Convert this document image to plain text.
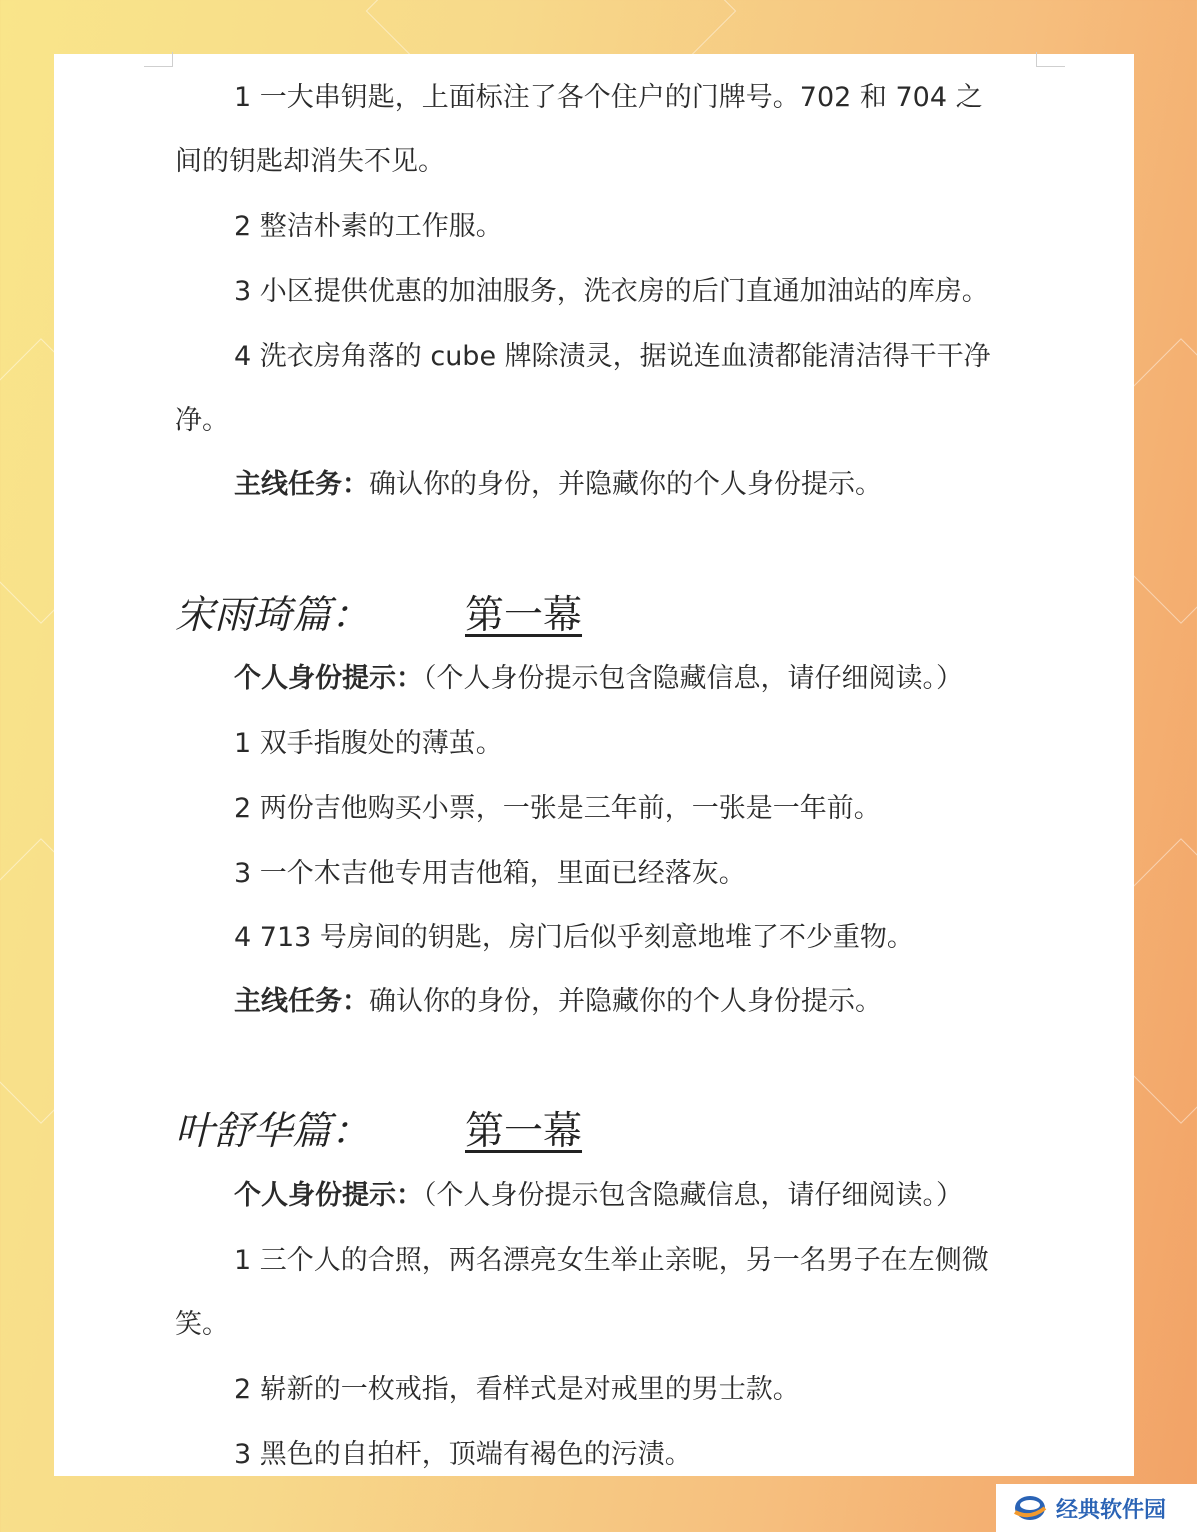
1 一大串钥匙，上面标注了各个住户的门牌号。702 和 704 之
间的钥匙却消失不见。
2 整洁朴素的工作服。
3 小区提供优惠的加油服务，洗衣房的后门直通加油站的库房。
4 洗衣房角落的 cube 牌除渍灵，据说连血渍都能清洁得干干净
净。
主线任务：确认你的身份，并隐藏你的个人身份提示。
宋雨琦篇： 第一幕
个人身份提示：（个人身份提示包含隐藏信息，请仔细阅读。）
1 双手指腹处的薄茧。
2 两份吉他购买小票，一张是三年前，一张是一年前。
3 一个木吉他专用吉他箱，里面已经落灰。
4 713 号房间的钥匙，房门后似乎刻意地堆了不少重物。
主线任务：确认你的身份，并隐藏你的个人身份提示。
叶舒华篇： 第一幕
个人身份提示：（个人身份提示包含隐藏信息，请仔细阅读。）
1 三个人的合照，两名漂亮女生举止亲昵，另一名男子在左侧微
笑。
2 崭新的一枚戒指，看样式是对戒里的男士款。
3 黑色的自拍杆，顶端有褐色的污渍。
经典软件园
